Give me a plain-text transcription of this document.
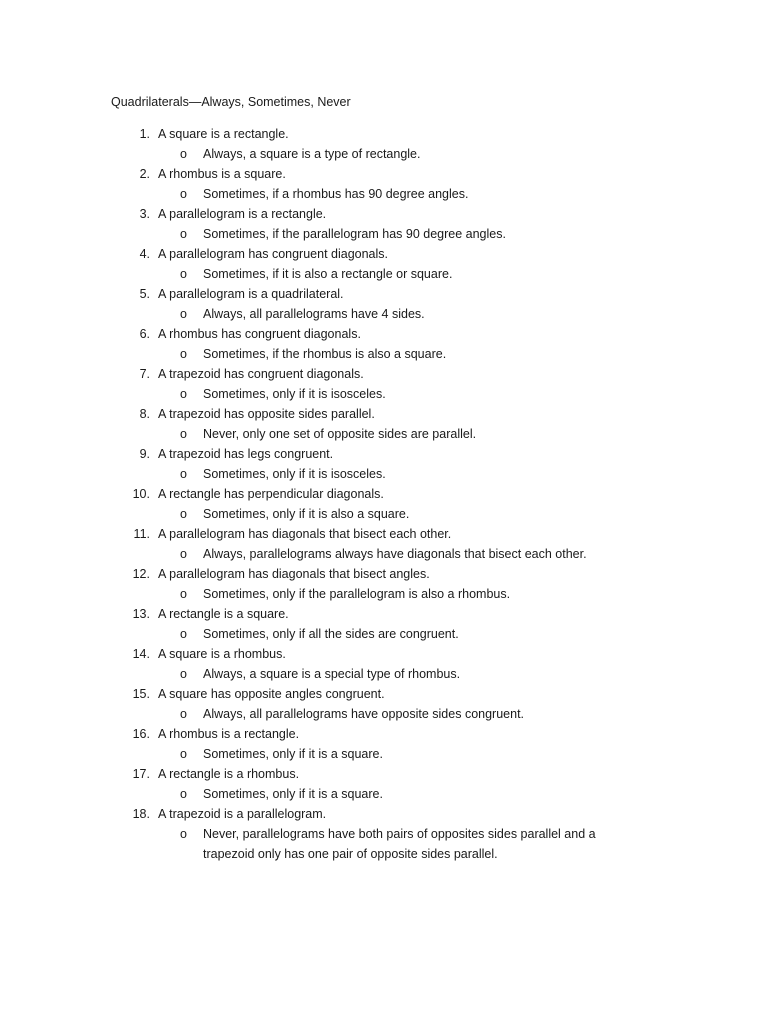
Quadrilaterals—Always, Sometimes, Never
1. A square is a rectangle.
o Always, a square is a type of rectangle.
2. A rhombus is a square.
o Sometimes, if a rhombus has 90 degree angles.
3. A parallelogram is a rectangle.
o Sometimes, if the parallelogram has 90 degree angles.
4. A parallelogram has congruent diagonals.
o Sometimes, if it is also a rectangle or square.
5. A parallelogram is a quadrilateral.
o Always, all parallelograms have 4 sides.
6. A rhombus has congruent diagonals.
o Sometimes, if the rhombus is also a square.
7. A trapezoid has congruent diagonals.
o Sometimes, only if it is isosceles.
8. A trapezoid has opposite sides parallel.
o Never, only one set of opposite sides are parallel.
9. A trapezoid has legs congruent.
o Sometimes, only if it is isosceles.
10. A rectangle has perpendicular diagonals.
o Sometimes, only if it is also a square.
11. A parallelogram has diagonals that bisect each other.
o Always, parallelograms always have diagonals that bisect each other.
12. A parallelogram has diagonals that bisect angles.
o Sometimes, only if the parallelogram is also a rhombus.
13. A rectangle is a square.
o Sometimes, only if all the sides are congruent.
14. A square is a rhombus.
o Always, a square is a special type of rhombus.
15. A square has opposite angles congruent.
o Always, all parallelograms have opposite sides congruent.
16. A rhombus is a rectangle.
o Sometimes, only if it is a square.
17. A rectangle is a rhombus.
o Sometimes, only if it is a square.
18. A trapezoid is a parallelogram.
o Never, parallelograms have both pairs of opposites sides parallel and a trapezoid only has one pair of opposite sides parallel.
